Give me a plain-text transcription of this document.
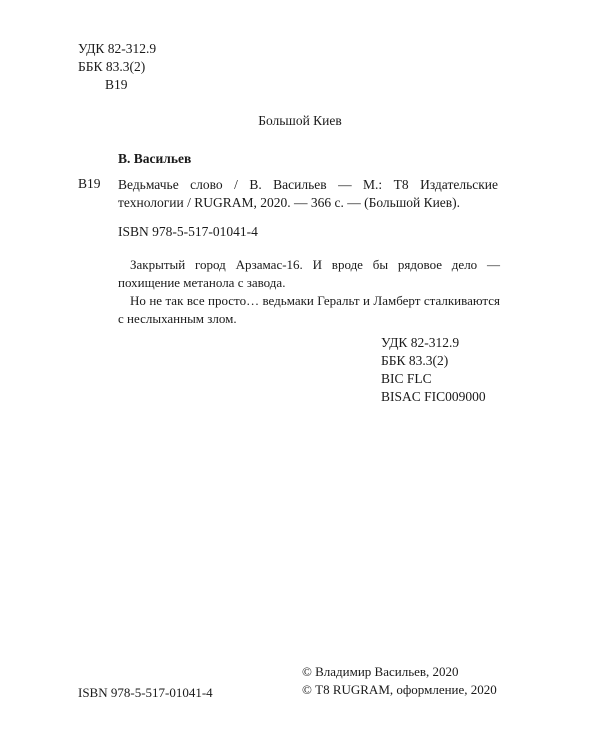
УДК 82-312.9
ББК 83.3(2)
В19
Большой Киев
В. Васильев
В19 Ведьмачье слово / В. Васильев — М.: Т8 Издательские технологии / RUGRAM, 2020. — 366 с. — (Большой Киев).
ISBN 978-5-517-01041-4

Закрытый город Арзамас-16. И вроде бы рядовое дело — похищение метанола с завода.

Но не так все просто… ведьмаки Геральт и Ламберт сталкиваются с неслыханным злом.

УДК 82-312.9
ББК 83.3(2)
BIC FLC
BISAC FIC009000
© Владимир Васильев, 2020
© Т8 RUGRAM, оформление, 2020
ISBN 978-5-517-01041-4
